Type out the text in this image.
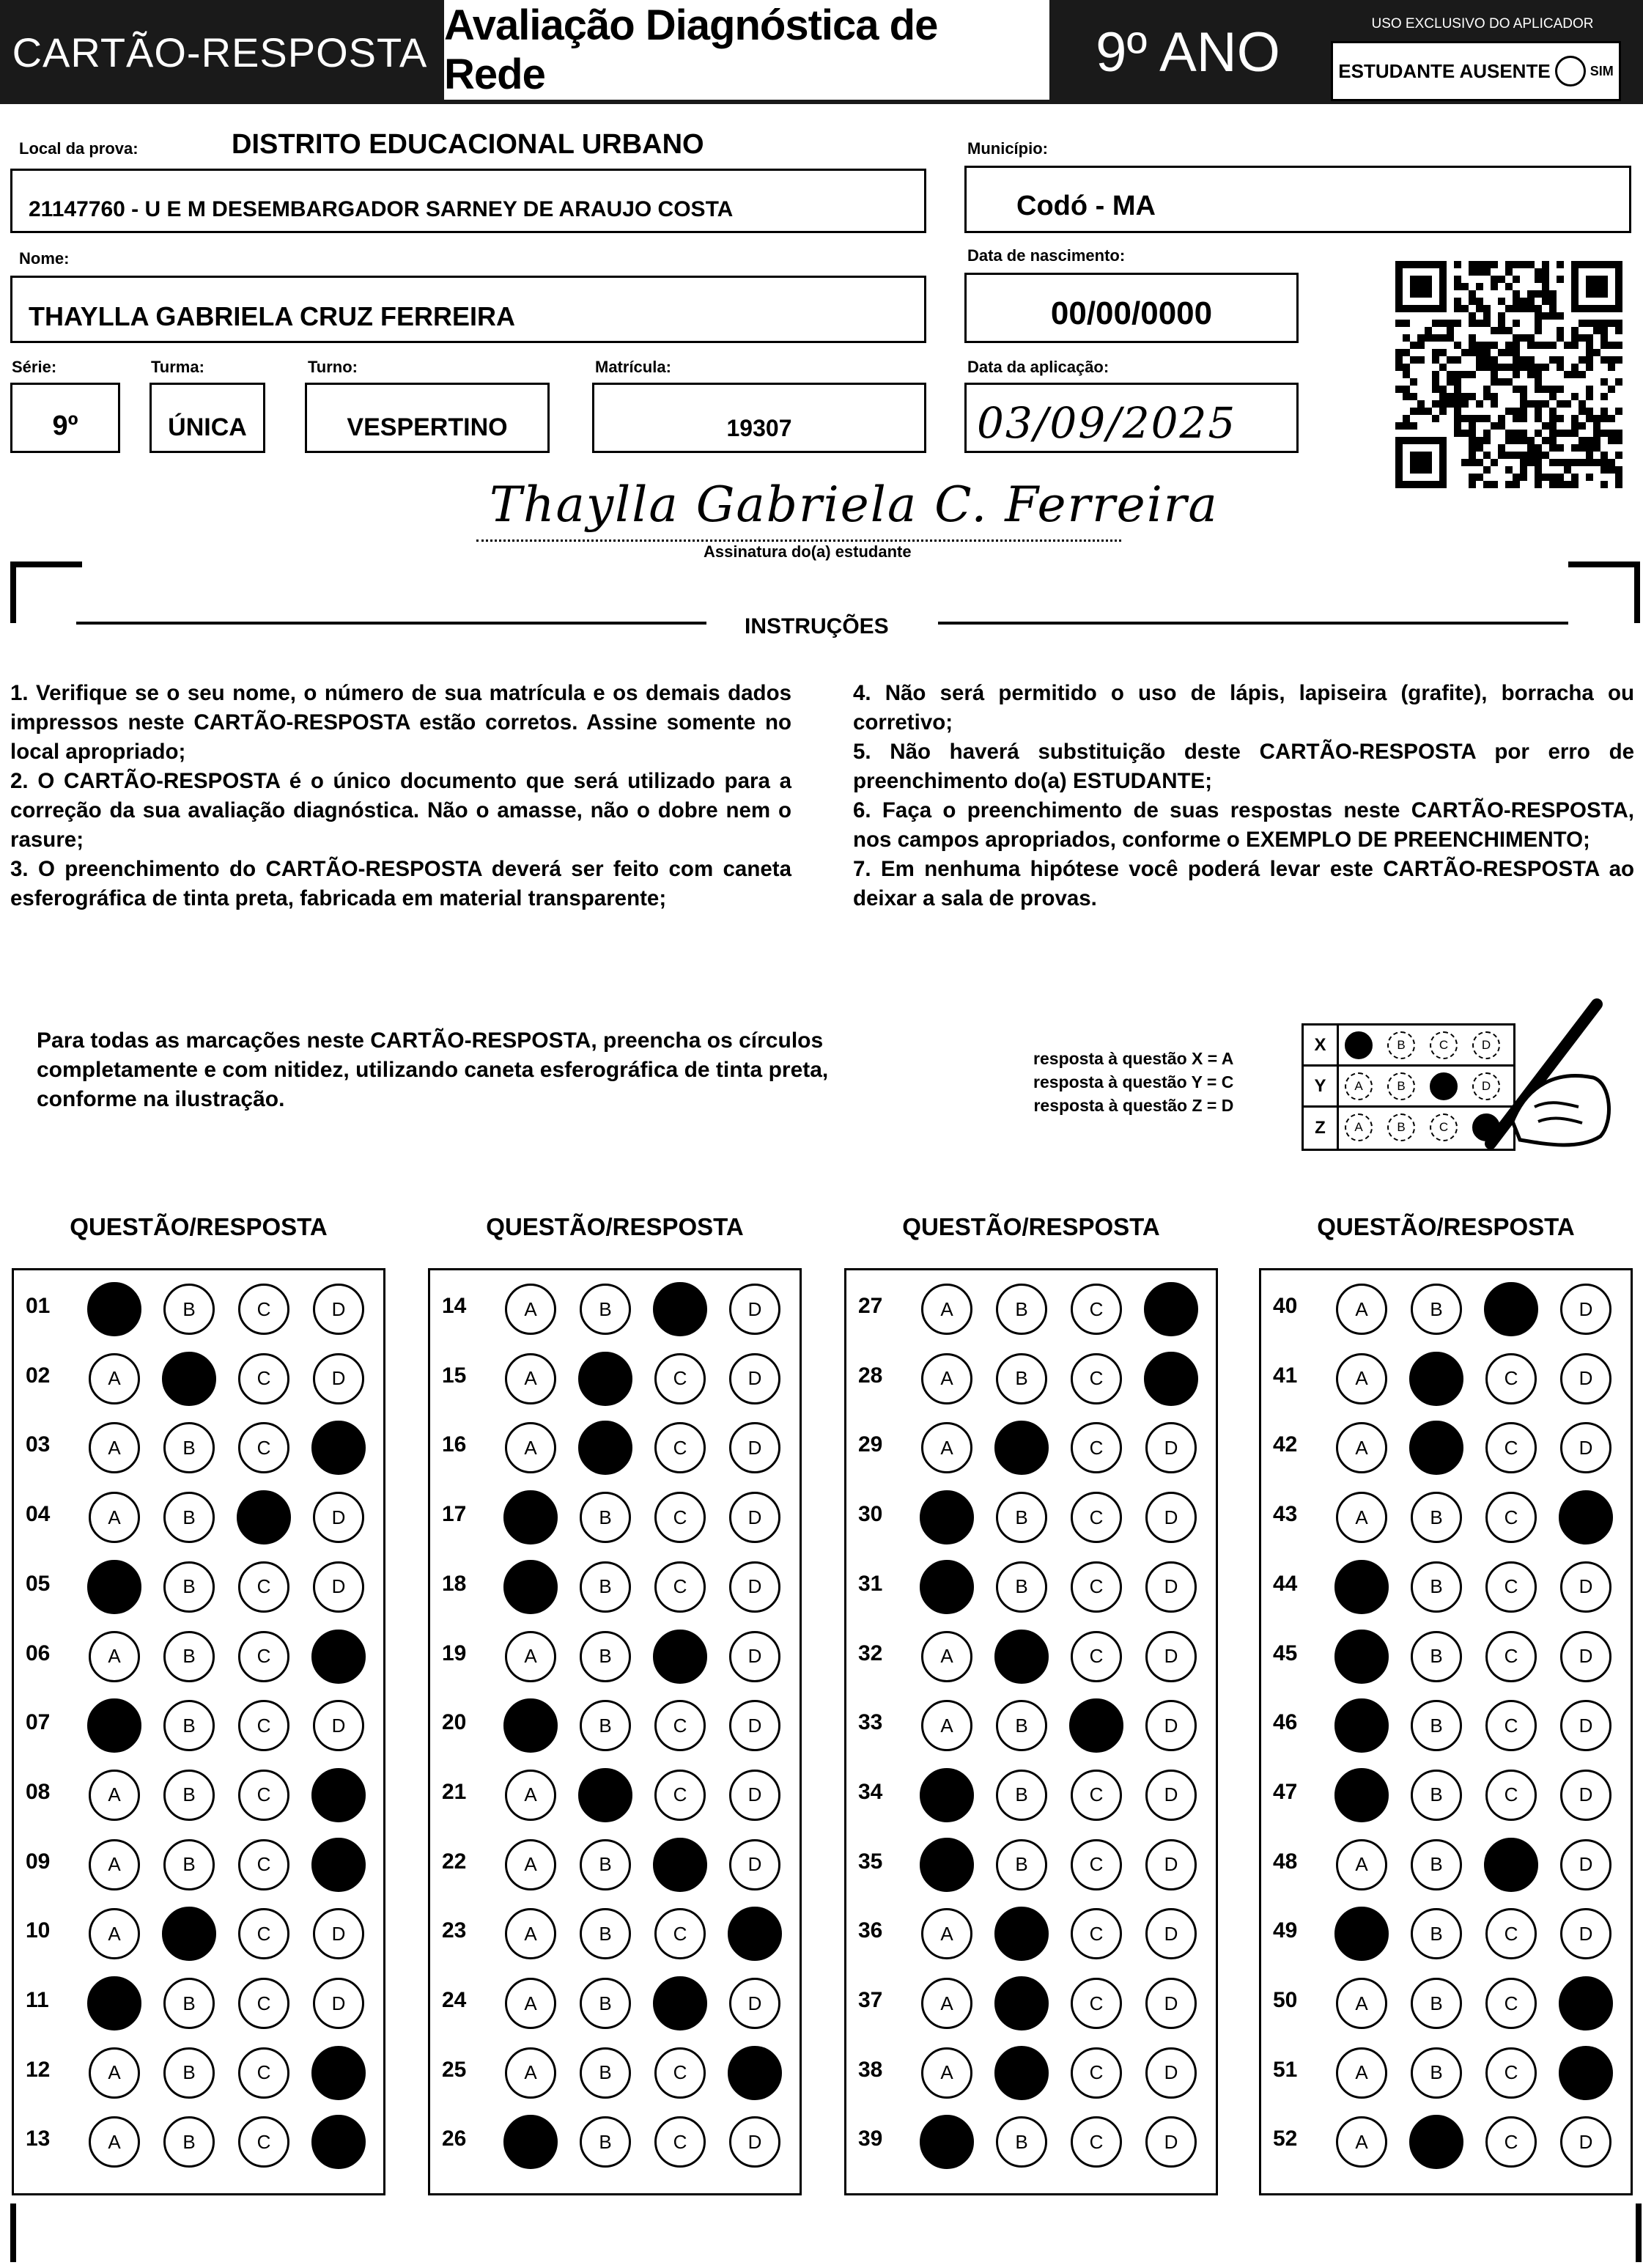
CARTÃO-RESPOSTA
Avaliação Diagnóstica de Rede	9º ANO	USO EXCLUSIVO DO APLICADOR
ESTUDANTE AUSENTE	SIM
Local da prova:	DISTRITO EDUCACIONAL URBANO
21147760 - U E M DESEMBARGADOR SARNEY DE ARAUJO COSTA
Município:
Codó - MA
Nome:
THAYLLA GABRIELA CRUZ FERREIRA
Data de nascimento:
00/00/0000
Série:
9º
Turma:
ÚNICA
Turno:
VESPERTINO
Matrícula:
19307
Data da aplicação:
03/09/2025
Thaylla Gabriela C. Ferreira
Assinatura do(a) estudante
INSTRUÇÕES

1. Verifique se o seu nome, o número de sua matrícula e os demais dados impressos neste CARTÃO-RESPOSTA estão corretos. Assine somente no local apropriado;

2. O CARTÃO-RESPOSTA é o único documento que será utilizado para a correção da sua avaliação diagnóstica. Não o amasse, não o dobre nem o rasure;

3. O preenchimento do CARTÃO-RESPOSTA deverá ser feito com caneta esferográfica de tinta preta, fabricada em material transparente;

4. Não será permitido o uso de lápis, lapiseira (grafite), borracha ou corretivo;

5. Não haverá substituição deste CARTÃO-RESPOSTA por erro de preenchimento do(a) ESTUDANTE;

6. Faça o preenchimento de suas respostas neste CARTÃO-RESPOSTA, nos campos apropriados, conforme o EXEMPLO DE PREENCHIMENTO;

7. Em nenhuma hipótese você poderá levar este CARTÃO-RESPOSTA ao deixar a sala de provas.

Para todas as marcações neste CARTÃO-RESPOSTA, preencha os círculos completamente e com nitidez, utilizando caneta esferográfica de tinta preta, conforme na ilustração.
resposta à questão X = A
resposta à questão Y = C
resposta à questão Z = D
X	A	B	C	D
Y	A	B	C	D
Z	A	B	C	D
QUESTÃO/RESPOSTA
01	A	B	C	D
02	A	B	C	D
03	A	B	C	D
04	A	B	C	D
05	A	B	C	D
06	A	B	C	D
07	A	B	C	D
08	A	B	C	D
09	A	B	C	D
10	A	B	C	D
11	A	B	C	D
12	A	B	C	D
13	A	B	C	D
QUESTÃO/RESPOSTA
14	A	B	C	D
15	A	B	C	D
16	A	B	C	D
17	A	B	C	D
18	A	B	C	D
19	A	B	C	D
20	A	B	C	D
21	A	B	C	D
22	A	B	C	D
23	A	B	C	D
24	A	B	C	D
25	A	B	C	D
26	A	B	C	D
QUESTÃO/RESPOSTA
27	A	B	C	D
28	A	B	C	D
29	A	B	C	D
30	A	B	C	D
31	A	B	C	D
32	A	B	C	D
33	A	B	C	D
34	A	B	C	D
35	A	B	C	D
36	A	B	C	D
37	A	B	C	D
38	A	B	C	D
39	A	B	C	D
QUESTÃO/RESPOSTA
40	A	B	C	D
41	A	B	C	D
42	A	B	C	D
43	A	B	C	D
44	A	B	C	D
45	A	B	C	D
46	A	B	C	D
47	A	B	C	D
48	A	B	C	D
49	A	B	C	D
50	A	B	C	D
51	A	B	C	D
52	A	B	C	D
